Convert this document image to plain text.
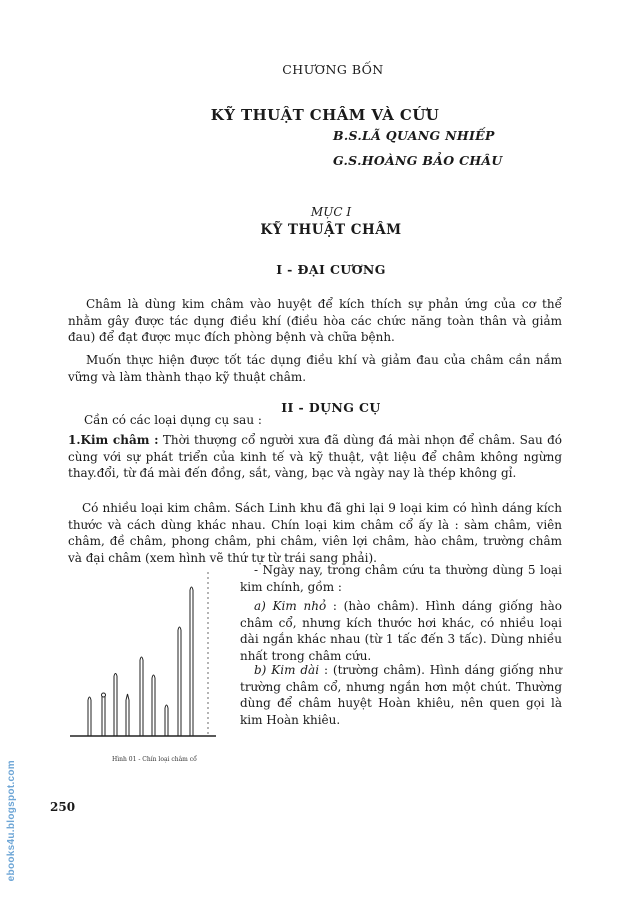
CHƯƠNG BỐN

KỸ THUẬT CHÂM VÀ CỨU

B.S.LÃ QUANG NHIẾP

G.S.HOÀNG BẢO CHÂU

MỤC I

KỸ THUẬT CHÂM

I - ĐẠI CƯƠNG

Châm là dùng kim châm vào huyệt để kích thích sự phản ứng của cơ thể nhằm gây được tác dụng điều khí (điều hòa các chức năng toàn thân và giảm đau) để đạt được mục đích phòng bệnh và chữa bệnh.

Muốn thực hiện được tốt tác dụng điều khí và giảm đau của châm cần nắm vững và làm thành thạo kỹ thuật châm.

II - DỤNG CỤ

Cần có các loại dụng cụ sau :

1.Kim châm : Thời thượng cổ người xưa đã dùng đá mài nhọn để châm. Sau đó cùng với sự phát triển của kinh tế và kỹ thuật, vật liệu để châm không ngừng thay.đổi, từ đá mài đến đồng, sắt, vàng, bạc và ngày nay là thép không gỉ.

Có nhiều loại kim châm. Sách Linh khu đã ghi lại 9 loại kim có hình dáng kích thước và cách dùng khác nhau. Chín loại kim châm cổ ấy là : sàm châm, viên châm, đề châm, phong châm, phi châm, viên lợi châm, hào châm, trường châm và đại châm (xem hình vẽ thứ tự từ trái sang phải).

Hình 01 - Chín loại châm cổ

- Ngày nay, trong châm cứu ta thường dùng 5 loại kim chính, gồm :

a) Kim nhỏ : (hào châm). Hình dáng giống hào châm cổ, nhưng kích thước hơi khác, có nhiều loại dài ngắn khác nhau (từ 1 tấc đến 3 tấc). Dùng nhiều nhất trong châm cứu.

b) Kim dài : (trường châm). Hình dáng giống như trường châm cổ, nhưng ngắn hơn một chút. Thường dùng để châm huyệt Hoàn khiêu, nên quen gọi là kim Hoàn khiêu.

250

ebooks4u.blogspot.com
